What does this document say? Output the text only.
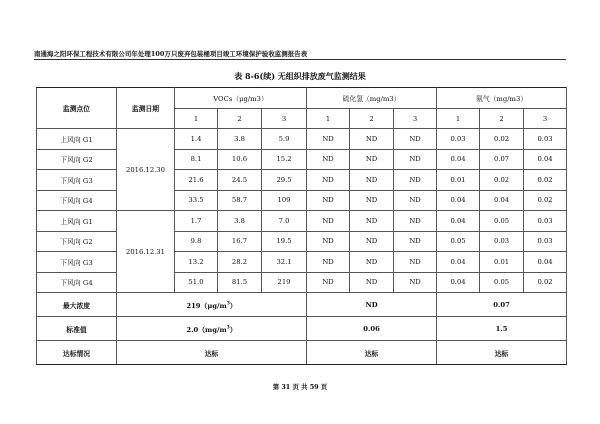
南通海之阳环保工程技术有限公司年处理100万只废弃包装桶项目竣工环境保护验收监测报告表
表 8-6(续) 无组织排放废气监测结果
监测点位	监测日期	VOCs（μg/m3）			硫化氢（mg/m3）			氨气（mg/m3）		
		1	2	3	1	2	3	1	2	3
上风向 G1	2016.12.30	1.4	3.8	5.9	ND	ND	ND	0.03	0.02	0.03
下风向 G2		8.1	10.6	15.2	ND	ND	ND	0.04	0.07	0.04
下风向 G3		21.6	24.5	29.5	ND	ND	ND	0.01	0.02	0.02
下风向 G4		33.5	58.7	109	ND	ND	ND	0.04	0.04	0.02
上风向 G1	2016.12.31	1.7	3.8	7.0	ND	ND	ND	0.04	0.05	0.03
下风向 G2		9.8	16.7	19.5	ND	ND	ND	0.05	0.03	0.03
下风向 G3		13.2	28.2	32.1	ND	ND	ND	0.04	0.01	0.04
下风向 G4		51.0	81.5	219	ND	ND	ND	0.04	0.05	0.02
最大浓度	$219(\mu g/m^3)$				ND			0.07		
标准值	$2.0(mg/m^3)$				0.06			1.5		
达标情况	达标				达标			达标		
第 31 页 共 59 页
